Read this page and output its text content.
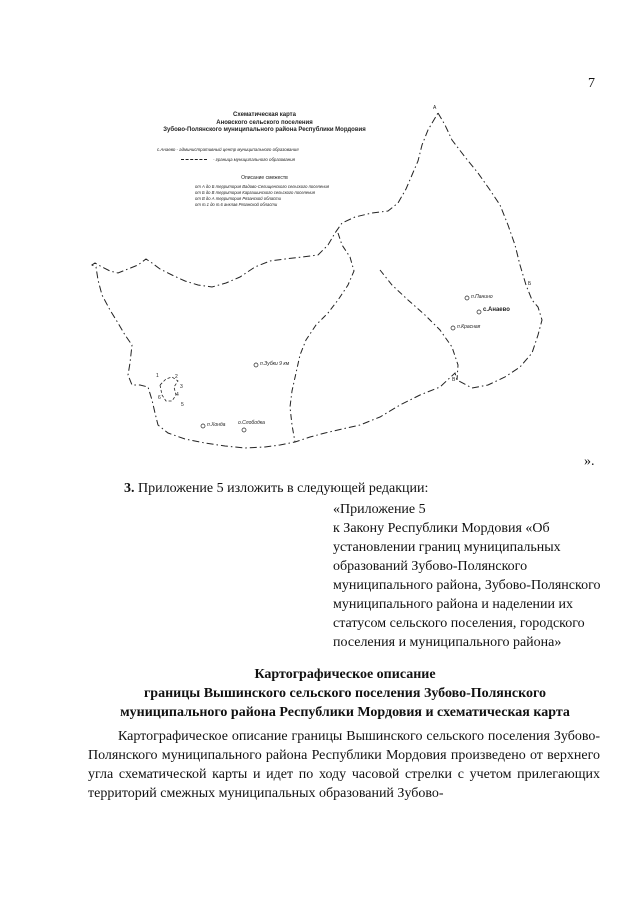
7
А
Б
В
1	2
3
4
5
6
п.Панино
с.Анаево
п.Красная
п.Зубки 9 км
п.Хонда	о.Слободка
Схематическая карта
Ановского сельского поселения
Зубово-Полянского муниципального района Республики Мордовия
с.Анаево - административный центр муниципального образования
- граница муниципального образования
Описание смежеств
от А до Б территория Вадово-Селищенского сельского поселения
от Б до В территория Каргашинского сельского поселения
от В до А территория Рязанской области
от т.1 до т.6 анклав Рязанской области
».
3. Приложение 5 изложить в следующей редакции:
«Приложение 5
к Закону Республики Мордовия «Об установлении границ муниципальных образований Зубово-Полянского муниципального района, Зубово-Полянского муниципального района и наделении их статусом сельского поселения, городского поселения и муниципального района»
Картографическое описание
границы Вышинского сельского поселения Зубово-Полянского
муниципального района Республики Мордовия и схематическая карта
Картографическое описание границы Вышинского сельского поселения Зубово-Полянского муниципального района Республики Мордовия произведено от верхнего угла схематической карты и идет по ходу часовой стрелки с учетом прилегающих территорий смежных муниципальных образований Зубово-
